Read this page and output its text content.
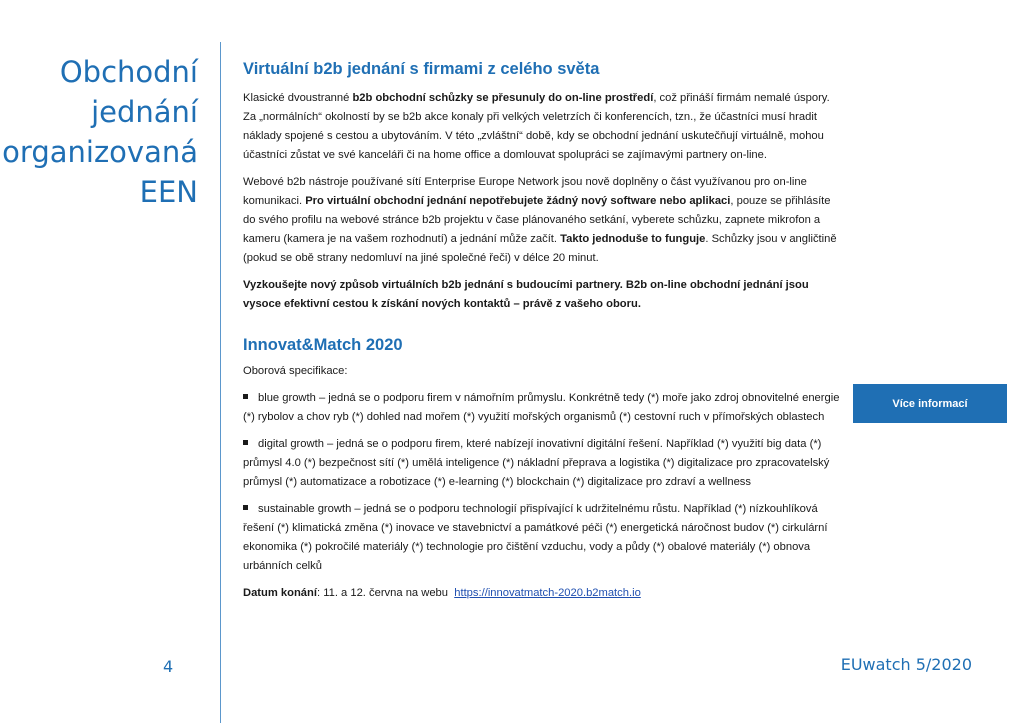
Obchodní
jednání
organizovaná
EEN
Virtuální b2b jednání s firmami z celého světa

Klasické dvoustranné b2b obchodní schůzky se přesunuly do on-line prostředí, což přináší firmám nemalé úspory. Za „normálních“ okolností by se b2b akce konaly při velkých veletrzích či konferencích, tzn., že účastníci musí hradit náklady spojené s cestou a ubytováním. V této „zvláštní“ době, kdy se obchodní jednání uskutečňují virtuálně, mohou účastníci zůstat ve své kanceláři či na home office a domlouvat spolupráci se zajímavými partnery on-line.

Webové b2b nástroje používané sítí Enterprise Europe Network jsou nově doplněny o část využívanou pro on-line komunikaci. Pro virtuální obchodní jednání nepotřebujete žádný nový software nebo aplikaci, pouze se přihlásíte do svého profilu na webové stránce b2b projektu v čase plánovaného setkání, vyberete schůzku, zapnete mikrofon a kameru (kamera je na vašem rozhodnutí) a jednání může začít. Takto jednoduše to funguje. Schůzky jsou v angličtině (pokud se obě strany nedomluví na jiné společné řeči) v délce 20 minut.

Vyzkoušejte nový způsob virtuálních b2b jednání s budoucími partnery. B2b on-line obchodní jednání jsou vysoce efektivní cestou k získání nových kontaktů – právě z vašeho oboru.

Innovat&Match 2020

Oborová specifikace:

blue growth – jedná se o podporu firem v námořním průmyslu. Konkrétně tedy (*) moře jako zdroj obnovitelné energie (*) rybolov a chov ryb (*) dohled nad mořem (*) využití mořských organismů (*) cestovní ruch v přímořských oblastech
digital growth – jedná se o podporu firem, které nabízejí inovativní digitální řešení. Například (*) využití big data (*) průmysl 4.0 (*) bezpečnost sítí (*) umělá inteligence (*) nákladní přeprava a logistika (*) digitalizace pro zpracovatelský průmysl (*) automatizace a robotizace (*) e-learning (*) blockchain (*) digitalizace pro zdraví a wellness
sustainable growth – jedná se o podporu technologií přispívající k udržitelnému růstu. Například (*) nízkouhlíková řešení (*) klimatická změna (*) inovace ve stavebnictví a památkové péči (*) energetická náročnost budov (*) cirkulární ekonomika (*) pokročilé materiály (*) technologie pro čištění vzduchu, vody a půdy (*) obalové materiály (*) obnova urbánních celků

Datum konání: 11. a 12. června na webu  https://innovatmatch-2020.b2match.io

Více informací
4	EUwatch 5/2020
